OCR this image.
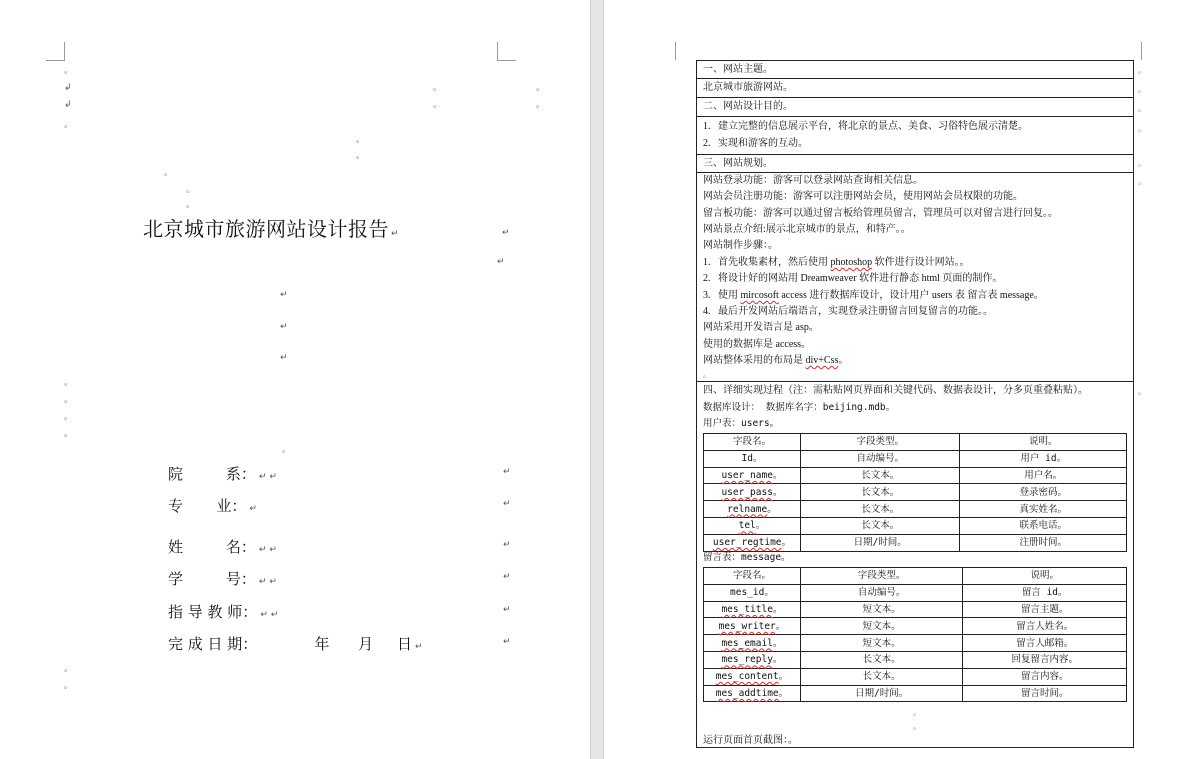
。
↲
↲
。
。
。
。
。
。
。
。
。
。
北京城市旅游网站设计报告 ↵	↵
↵
↵
↵
↵
。
。
。
。
。
院         系： ↵ ↵
专       业： ↵
姓         名： ↵ ↵
学         号： ↵ ↵
指 导 教 师： ↵ ↵
完 成 日 期：            年      月     日 ↵
↵
↵
↵
↵
↵
↵
。
。
一、网站主题。
北京城市旅游网站。
二、网站设计目的。
1.   建立完整的信息展示平台，将北京的景点、美食、习俗特色展示清楚。
2.   实现和游客的互动。
三、网站规划。
网站登录功能：游客可以登录网站查询相关信息。
网站会员注册功能：游客可以注册网站会员，使用网站会员权限的功能。
留言板功能：游客可以通过留言板给管理员留言，管理员可以对留言进行回复。。
网站景点介绍:展示北京城市的景点，和特产。。
网站制作步骤：。
1.   首先收集素材，然后使用 photoshop 软件进行设计网站。。
2.   将设计好的网站用 Dreamweaver 软件进行静态 html 页面的制作。
3.   使用 mircosoft access 进行数据库设计，设计用户 users 表 留言表 message。
4.   最后开发网站后端语言，实现登录注册留言回复留言的功能。。
网站采用开发语言是 asp。
使用的数据库是 access。
网站整体采用的布局是 div+Css。
。
四、详细实现过程（注：需粘贴网页界面和关键代码、数据表设计，分多页重叠粘贴）。
数据库设计： 数据库名字：beijing.mdb。
用户表：users。
字段名。	字段类型。	说明。
Id。	自动编号。	用户 id。
user_name。	长文本。	用户名。
user_pass。	长文本。	登录密码。
relname。	长文本。	真实姓名。
tel。	长文本。	联系电话。
user_regtime。	日期/时间。	注册时间。
留言表：message。
字段名。	字段类型。	说明。
mes_id。	自动编号。	留言 id。
mes_title。	短文本。	留言主题。
mes_writer。	短文本。	留言人姓名。
mes_email。	短文本。	留言人邮箱。
mes_reply。	长文本。	回复留言内容。
mes_content。	长文本。	留言内容。
mes_addtime。	日期/时间。	留言时间。
。
。
运行页面首页截图：。
。
。
。
。
。
。
。
